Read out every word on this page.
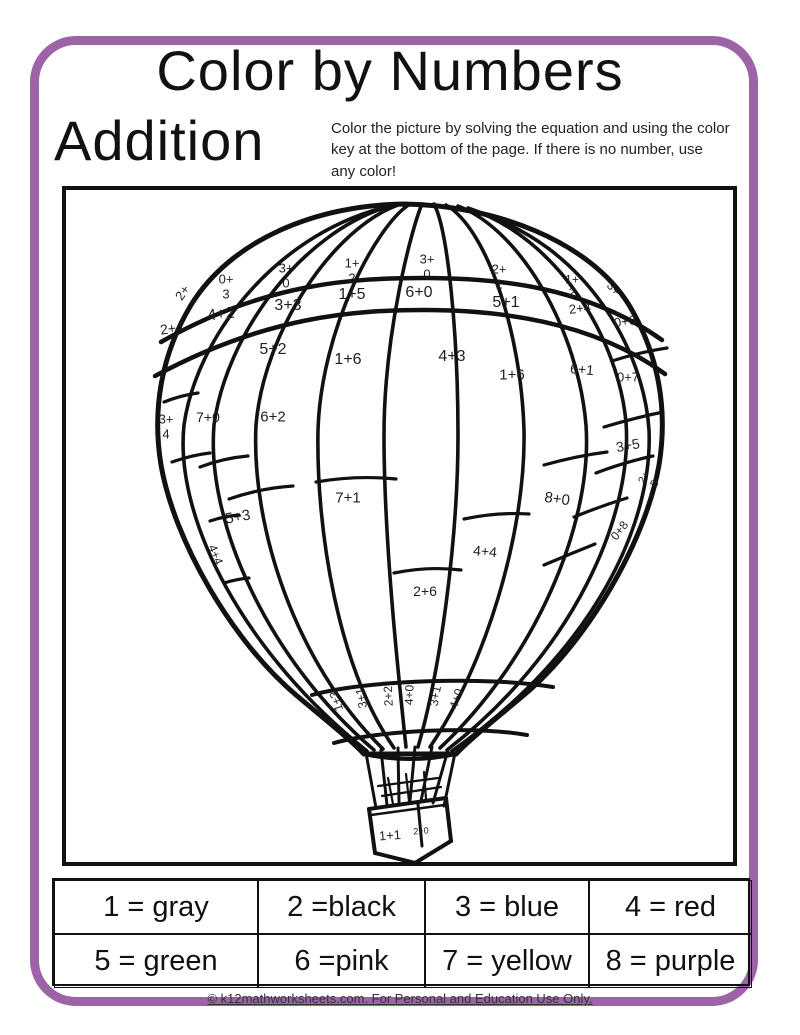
Color by Numbers
Addition	Color the picture by solving the equation and using the color key at the bottom of the page. If there is no number, use any color!

2+
0+
3
4+2
2+4
3+
0
3+3
1+
2
1+5
3+
0
6+0
2+
1
5+1
1+
2
2+4
3+
0+6
5+2
1+6	4+3
1+6	6+1 0+7
3+
4
7+0	6+2
3+5
2+
5
7+1
5+3
4+4
8+0
0+8
4+4
2+6
1+3 3+1 2+2 4+0 3+1 4+0
1+1 2+0
1 = gray	2 =black	3 = blue	4 = red
5 = green	6 =pink	7 = yellow	8 = purple
© k12mathworksheets.com. For Personal and Education Use Only.
